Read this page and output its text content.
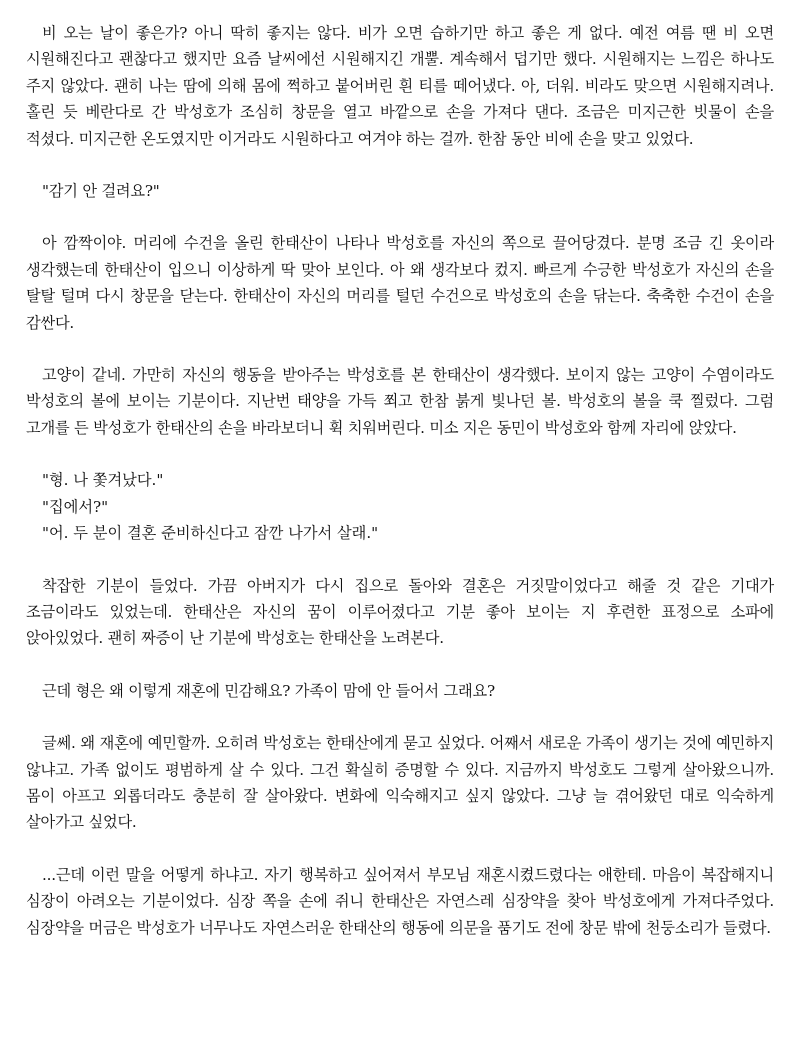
비 오는 날이 좋은가? 아니 딱히 좋지는 않다. 비가 오면 습하기만 하고 좋은 게 없다. 예전 여름 땐 비 오면 시원해진다고 괜찮다고 했지만 요즘 날씨에선 시원해지긴 개뿔. 계속해서 덥기만 했다. 시원해지는 느낌은 하나도 주지 않았다. 괜히 나는 땀에 의해 몸에 쩍하고 붙어버린 흰 티를 떼어냈다. 아, 더워. 비라도 맞으면 시원해지려나. 홀린 듯 베란다로 간 박성호가 조심히 창문을 열고 바깥으로 손을 가져다 댄다. 조금은 미지근한 빗물이 손을 적셨다. 미지근한 온도였지만 이거라도 시원하다고 여겨야 하는 걸까. 한참 동안 비에 손을 맞고 있었다.

"감기 안 걸려요?"

아 깜짝이야. 머리에 수건을 올린 한태산이 나타나 박성호를 자신의 쪽으로 끌어당겼다. 분명 조금 긴 옷이라 생각했는데 한태산이 입으니 이상하게 딱 맞아 보인다. 아 왜 생각보다 컸지. 빠르게 수긍한 박성호가 자신의 손을 탈탈 털며 다시 창문을 닫는다. 한태산이 자신의 머리를 털던 수건으로 박성호의 손을 닦는다. 축축한 수건이 손을 감싼다.

고양이 같네. 가만히 자신의 행동을 받아주는 박성호를 본 한태산이 생각했다. 보이지 않는 고양이 수염이라도 박성호의 볼에 보이는 기분이다. 지난번 태양을 가득 쬐고 한참 붉게 빛나던 볼. 박성호의 볼을 쿡 찔렀다. 그럼 고개를 든 박성호가 한태산의 손을 바라보더니 휙 치워버린다. 미소 지은 동민이 박성호와 함께 자리에 앉았다.

"형. 나 쫓겨났다."

"집에서?"

"어. 두 분이 결혼 준비하신다고 잠깐 나가서 살래."

착잡한 기분이 들었다. 가끔 아버지가 다시 집으로 돌아와 결혼은 거짓말이었다고 해줄 것 같은 기대가 조금이라도 있었는데. 한태산은 자신의 꿈이 이루어졌다고 기분 좋아 보이는 지 후련한 표정으로 소파에 앉아있었다. 괜히 짜증이 난 기분에 박성호는 한태산을 노려본다.

근데 형은 왜 이렇게 재혼에 민감해요? 가족이 맘에 안 들어서 그래요?

글쎄. 왜 재혼에 예민할까. 오히려 박성호는 한태산에게 묻고 싶었다. 어째서 새로운 가족이 생기는 것에 예민하지 않냐고. 가족 없이도 평범하게 살 수 있다. 그건 확실히 증명할 수 있다. 지금까지 박성호도 그렇게 살아왔으니까. 몸이 아프고 외롭더라도 충분히 잘 살아왔다. 변화에 익숙해지고 싶지 않았다. 그냥 늘 겪어왔던 대로 익숙하게 살아가고 싶었다.

...근데 이런 말을 어떻게 하냐고. 자기 행복하고 싶어져서 부모님 재혼시켰드렸다는 애한테. 마음이 복잡해지니 심장이 아려오는 기분이었다. 심장 쪽을 손에 쥐니 한태산은 자연스레 심장약을 찾아 박성호에게 가져다주었다. 심장약을 머금은 박성호가 너무나도 자연스러운 한태산의 행동에 의문을 품기도 전에 창문 밖에 천둥소리가 들렸다.
